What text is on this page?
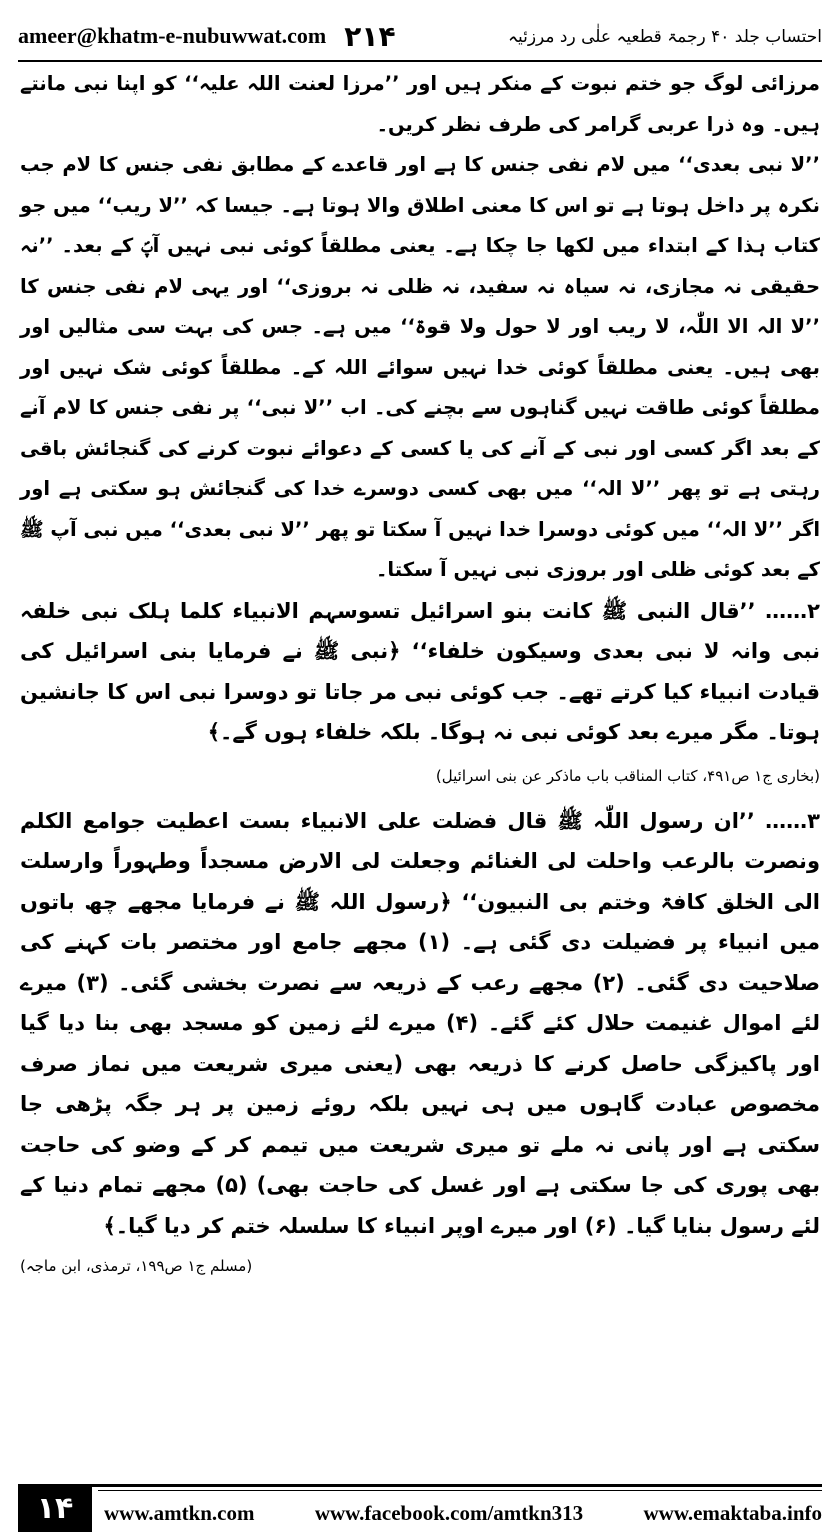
ameer@khatm-e-nubuwwat.com ۲۱۴	احتساب جلد ۴۰ رجمۃ قطعیہ علٰی رد مرزئیہ

مرزائی لوگ جو ختم نبوت کے منکر ہیں اور ’’مرزا لعنت اللہ علیہ‘‘ کو اپنا نبی مانتے ہیں۔ وہ ذرا عربی گرامر کی طرف نظر کریں۔

’’لا نبی بعدی‘‘ میں لام نفی جنس کا ہے اور قاعدے کے مطابق نفی جنس کا لام جب نکرہ پر داخل ہوتا ہے تو اس کا معنی اطلاق والا ہوتا ہے۔ جیسا کہ ’’لا ریب‘‘ میں جو کتاب ہذا کے ابتداء میں لکھا جا چکا ہے۔ یعنی مطلقاً کوئی نبی نہیں آپؐ کے بعد۔ ’’نہ حقیقی نہ مجازی، نہ سیاہ نہ سفید، نہ ظلی نہ بروزی‘‘ اور یہی لام نفی جنس کا ’’لا الہ الا اللّٰہ، لا ریب اور لا حول ولا قوۃ‘‘ میں ہے۔ جس کی بہت سی مثالیں اور بھی ہیں۔ یعنی مطلقاً کوئی خدا نہیں سوائے اللہ کے۔ مطلقاً کوئی شک نہیں اور مطلقاً کوئی طاقت نہیں گناہوں سے بچنے کی۔ اب ’’لا نبی‘‘ پر نفی جنس کا لام آنے کے بعد اگر کسی اور نبی کے آنے کی یا کسی کے دعوائے نبوت کرنے کی گنجائش باقی رہتی ہے تو پھر ’’لا الہ‘‘ میں بھی کسی دوسرے خدا کی گنجائش ہو سکتی ہے اور اگر ’’لا الہ‘‘ میں کوئی دوسرا خدا نہیں آ سکتا تو پھر ’’لا نبی بعدی‘‘ میں نبی آپ ﷺ کے بعد کوئی ظلی اور بروزی نبی نہیں آ سکتا۔

۲…… ’’قال النبی ﷺ کانت بنو اسرائیل تسوسہم الانبیاء کلما ہلک نبی خلفہ نبی وانہ لا نبی بعدی وسیکون خلفاء‘‘ ﴿نبی ﷺ نے فرمایا بنی اسرائیل کی قیادت انبیاء کیا کرتے تھے۔ جب کوئی نبی مر جاتا تو دوسرا نبی اس کا جانشین ہوتا۔ مگر میرے بعد کوئی نبی نہ ہوگا۔ بلکہ خلفاء ہوں گے۔﴾

(بخاری ج۱ ص۴۹۱، کتاب المناقب باب ماذکر عن بنی اسرائیل)

۳…… ’’ان رسول اللّٰہ ﷺ قال فضلت علی الانبیاء بست اعطیت جوامع الکلم ونصرت بالرعب واحلت لی الغنائم وجعلت لی الارض مسجداً وطہوراً وارسلت الی الخلق کافۃ وختم بی النبیون‘‘ ﴿رسول اللہ ﷺ نے فرمایا مجھے چھ باتوں میں انبیاء پر فضیلت دی گئی ہے۔ (۱) مجھے جامع اور مختصر بات کہنے کی صلاحیت دی گئی۔ (۲) مجھے رعب کے ذریعہ سے نصرت بخشی گئی۔ (۳) میرے لئے اموال غنیمت حلال کئے گئے۔ (۴) میرے لئے زمین کو مسجد بھی بنا دیا گیا اور پاکیزگی حاصل کرنے کا ذریعہ بھی (یعنی میری شریعت میں نماز صرف مخصوص عبادت گاہوں میں ہی نہیں بلکہ روئے زمین پر ہر جگہ پڑھی جا سکتی ہے اور پانی نہ ملے تو میری شریعت میں تیمم کر کے وضو کی حاجت بھی پوری کی جا سکتی ہے اور غسل کی حاجت بھی) (۵) مجھے تمام دنیا کے لئے رسول بنایا گیا۔ (۶) اور میرے اوپر انبیاء کا سلسلہ ختم کر دیا گیا۔﴾
(مسلم ج۱ ص۱۹۹، ترمذی، ابن ماجہ)

۱۴	www.amtkn.com	www.facebook.com/amtkn313	www.emaktaba.info
